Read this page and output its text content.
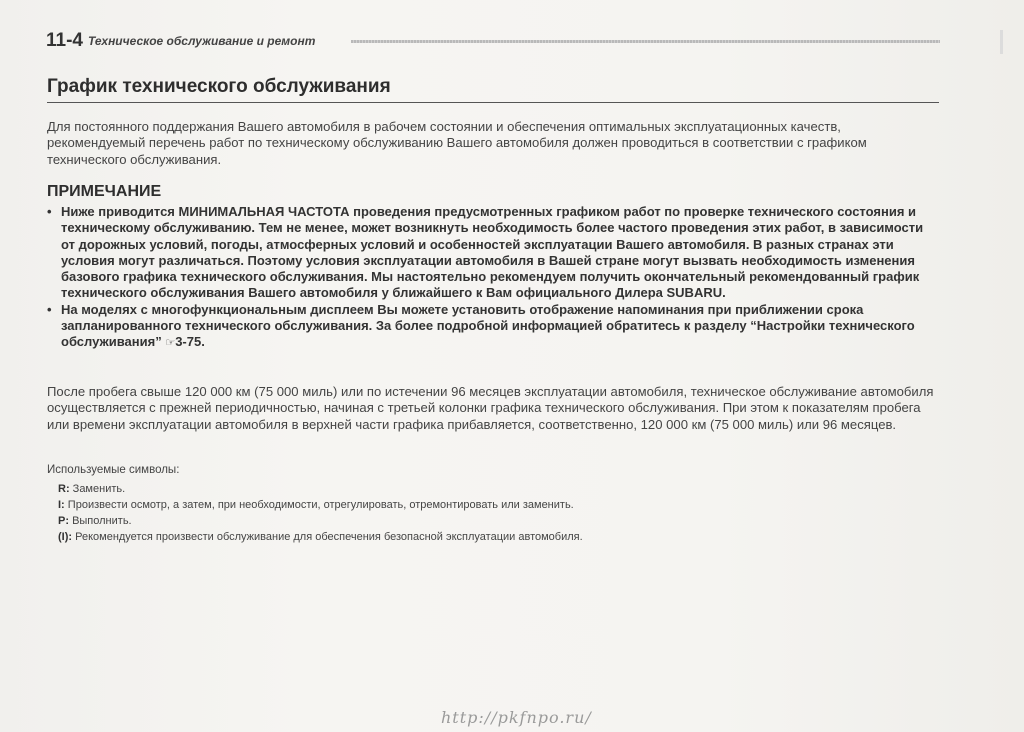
11-4 Техническое обслуживание и ремонт
График технического обслуживания

Для постоянного поддержания Вашего автомобиля в рабочем состоянии и обеспечения оптимальных эксплуатационных качеств, рекомендуемый перечень работ по техническому обслуживанию Вашего автомобиля должен проводиться в соответствии с графиком технического обслуживания.

ПРИМЕЧАНИЕ
• Ниже приводится МИНИМАЛЬНАЯ ЧАСТОТА проведения предусмотренных графиком работ по проверке технического состояния и техническому обслуживанию. Тем не менее, может возникнуть необходимость более частого проведения этих работ, в зависимости от дорожных условий, погоды, атмосферных условий и особенностей эксплуатации Вашего автомобиля. В разных странах эти условия могут различаться. Поэтому условия эксплуатации автомобиля в Вашей стране могут вызвать необходимость изменения базового графика технического обслуживания. Мы настоятельно рекомендуем получить окончательный рекомендованный график технического обслуживания Вашего автомобиля у ближайшего к Вам официального Дилера SUBARU.
• На моделях с многофункциональным дисплеем Вы можете установить отображение напоминания при приближении срока запланированного технического обслуживания. За более подробной информацией обратитесь к разделу “Настройки технического обслуживания” ☞3-75.

После пробега свыше 120 000 км (75 000 миль) или по истечении 96 месяцев эксплуатации автомобиля, техническое обслуживание автомобиля осуществляется с прежней периодичностью, начиная с третьей колонки графика технического обслуживания. При этом к показателям пробега или времени эксплуатации автомобиля в верхней части графика прибавляется, соответственно, 120 000 км (75 000 миль) или 96 месяцев.

Используемые символы:
R: Заменить.
I: Произвести осмотр, а затем, при необходимости, отрегулировать, отремонтировать или заменить.
P: Выполнить.
(I): Рекомендуется произвести обслуживание для обеспечения безопасной эксплуатации автомобиля.
http://pkfnpo.ru/
